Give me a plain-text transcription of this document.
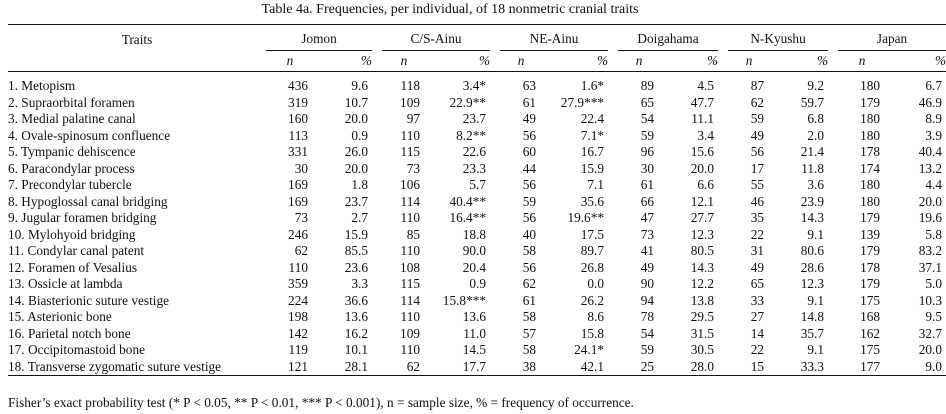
Table 4a. Frequencies, per individual, of 18 nonmetric cranial traits
Traits	Jomon			C/S-Ainu			NE-Ainu			Doigahama			N-Kyushu			Japan	
	n	%		n	%		n	%		n	%		n	%		n	%
1. Metopism	436	9.6		118	3.4*		63	1.6*		89	4.5		87	9.2		180	6.7
2. Supraorbital foramen	319	10.7		109	22.9**		61	27.9***		65	47.7		62	59.7		179	46.9
3. Medial palatine canal	160	20.0		97	23.7		49	22.4		54	11.1		59	6.8		180	8.9
4. Ovale-spinosum confluence	113	0.9		110	8.2**		56	7.1*		59	3.4		49	2.0		180	3.9
5. Tympanic dehiscence	331	26.0		115	22.6		60	16.7		96	15.6		56	21.4		178	40.4
6. Paracondylar process	30	20.0		73	23.3		44	15.9		30	20.0		17	11.8		174	13.2
7. Precondylar tubercle	169	1.8		106	5.7		56	7.1		61	6.6		55	3.6		180	4.4
8. Hypoglossal canal bridging	169	23.7		114	40.4**		59	35.6		66	12.1		46	23.9		180	20.0
9. Jugular foramen bridging	73	2.7		110	16.4**		56	19.6**		47	27.7		35	14.3		179	19.6
10. Mylohyoid bridging	246	15.9		85	18.8		40	17.5		73	12.3		22	9.1		139	5.8
11. Condylar canal patent	62	85.5		110	90.0		58	89.7		41	80.5		31	80.6		179	83.2
12. Foramen of Vesalius	110	23.6		108	20.4		56	26.8		49	14.3		49	28.6		178	37.1
13. Ossicle at lambda	359	3.3		115	0.9		62	0.0		90	12.2		65	12.3		179	5.0
14. Biasterionic suture vestige	224	36.6		114	15.8***		61	26.2		94	13.8		33	9.1		175	10.3
15. Asterionic bone	198	13.6		110	13.6		58	8.6		78	29.5		27	14.8		168	9.5
16. Parietal notch bone	142	16.2		109	11.0		57	15.8		54	31.5		14	35.7		162	32.7
17. Occipitomastoid bone	119	10.1		110	14.5		58	24.1*		59	30.5		22	9.1		175	20.0
18. Transverse zygomatic suture vestige	121	28.1		62	17.7		38	42.1		25	28.0		15	33.3		177	9.0
Fisher’s exact probability test (* P < 0.05, ** P < 0.01, *** P < 0.001), n = sample size, % = frequency of occurrence.
